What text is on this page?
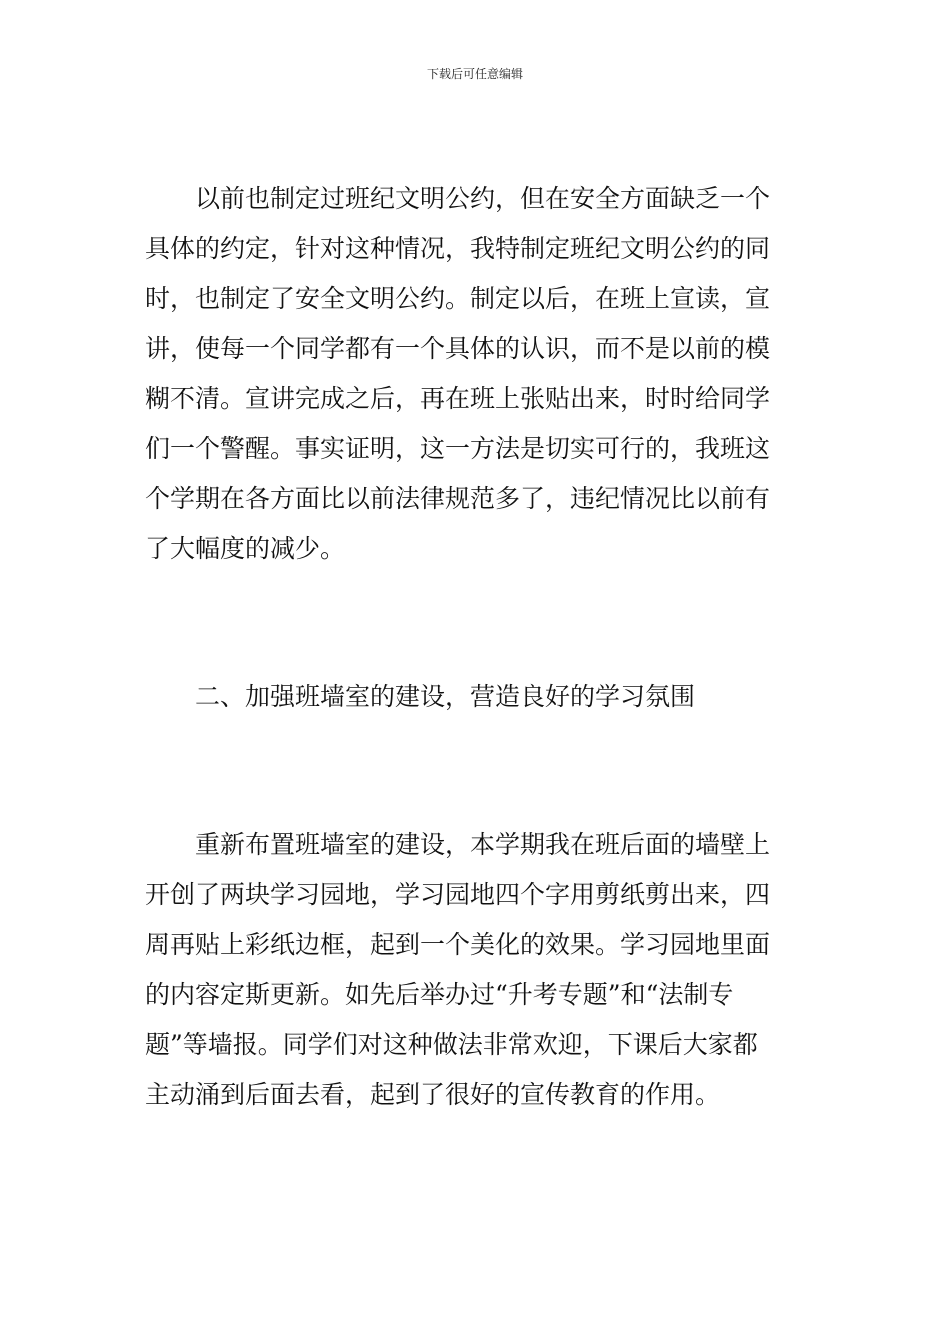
下载后可任意编辑
　　以前也制定过班纪文明公约，但在安全方面缺乏一个
具体的约定，针对这种情况，我特制定班纪文明公约的同
时，也制定了安全文明公约。制定以后，在班上宣读，宣
讲，使每一个同学都有一个具体的认识，而不是以前的模
糊不清。宣讲完成之后，再在班上张贴出来，时时给同学
们一个警醒。事实证明，这一方法是切实可行的，我班这
个学期在各方面比以前法律规范多了，违纪情况比以前有
了大幅度的减少。
　　二、加强班墙室的建设，营造良好的学习氛围
　　重新布置班墙室的建设，本学期我在班后面的墙壁上
开创了两块学习园地，学习园地四个字用剪纸剪出来，四
周再贴上彩纸边框，起到一个美化的效果。学习园地里面
的内容定斯更新。如先后举办过“升考专题”和“法制专
题”等墙报。同学们对这种做法非常欢迎，下课后大家都
主动涌到后面去看，起到了很好的宣传教育的作用。
